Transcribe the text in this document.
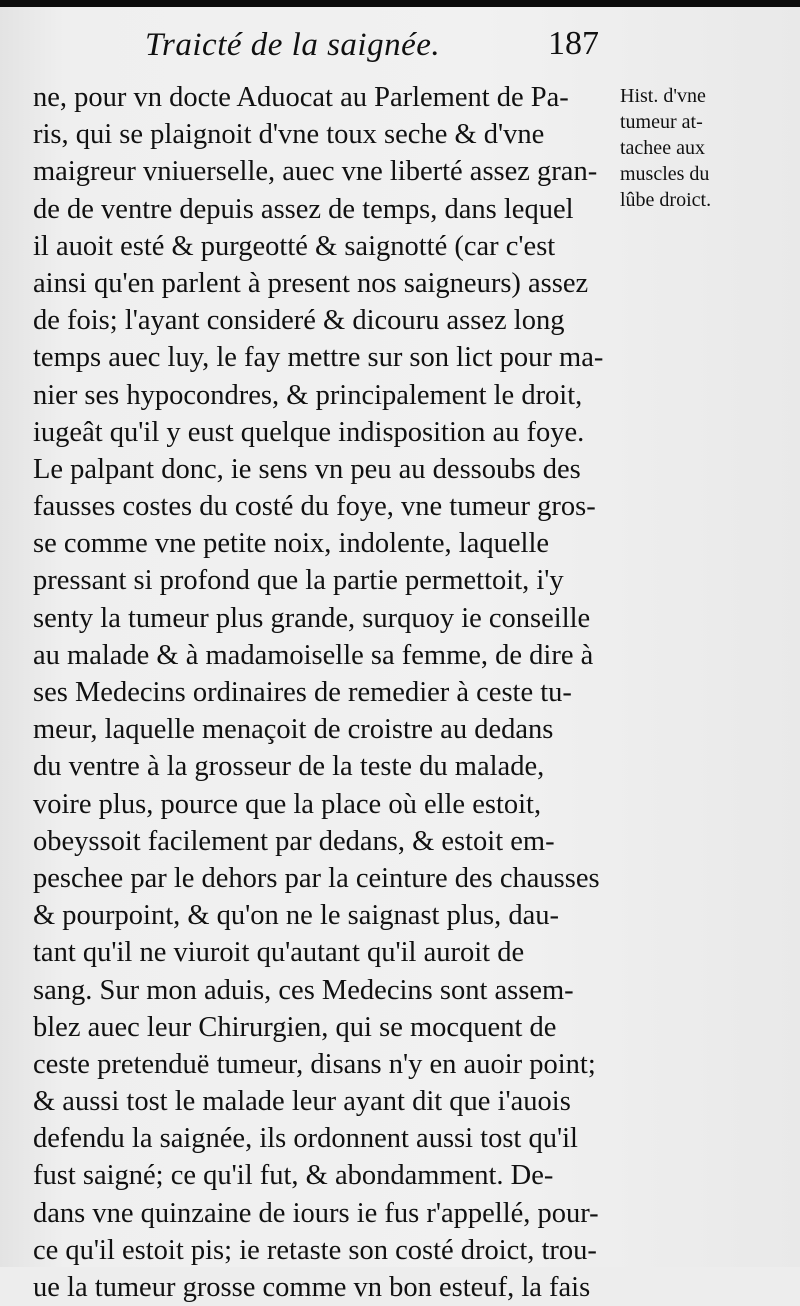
Traicté de la saignée.	187
ne, pour vn docte Aduocat au Parlement de Pa-
ris, qui se plaignoit d'vne toux seche & d'vne
maigreur vniuerselle, auec vne liberté assez gran-
de de ventre depuis assez de temps, dans lequel
il auoit esté & purgeotté & saignotté (car c'est
ainsi qu'en parlent à present nos saigneurs) assez
de fois; l'ayant consideré & dicouru assez long
temps auec luy, le fay mettre sur son lict pour ma-
nier ses hypocondres, & principalement le droit,
iugeât qu'il y eust quelque indisposition au foye.
Le palpant donc, ie sens vn peu au dessoubs des
fausses costes du costé du foye, vne tumeur gros-
se comme vne petite noix, indolente, laquelle
pressant si profond que la partie permettoit, i'y
senty la tumeur plus grande, surquoy ie conseille
au malade & à madamoiselle sa femme, de dire à
ses Medecins ordinaires de remedier à ceste tu-
meur, laquelle menaçoit de croistre au dedans
du ventre à la grosseur de la teste du malade,
voire plus, pource que la place où elle estoit,
obeyssoit facilement par dedans, & estoit em-
peschee par le dehors par la ceinture des chausses
& pourpoint, & qu'on ne le saignast plus, dau-
tant qu'il ne viuroit qu'autant qu'il auroit de
sang. Sur mon aduis, ces Medecins sont assem-
blez auec leur Chirurgien, qui se mocquent de
ceste pretenduë tumeur, disans n'y en auoir point;
& aussi tost le malade leur ayant dit que i'auois
defendu la saignée, ils ordonnent aussi tost qu'il
fust saigné; ce qu'il fut, & abondamment. De-
dans vne quinzaine de iours ie fus r'appellé, pour-
ce qu'il estoit pis; ie retaste son costé droict, trou-
ue la tumeur grosse comme vn bon esteuf, la fais
Hist. d'vne
tumeur at-
tachee aux
muscles du
lûbe droict.
